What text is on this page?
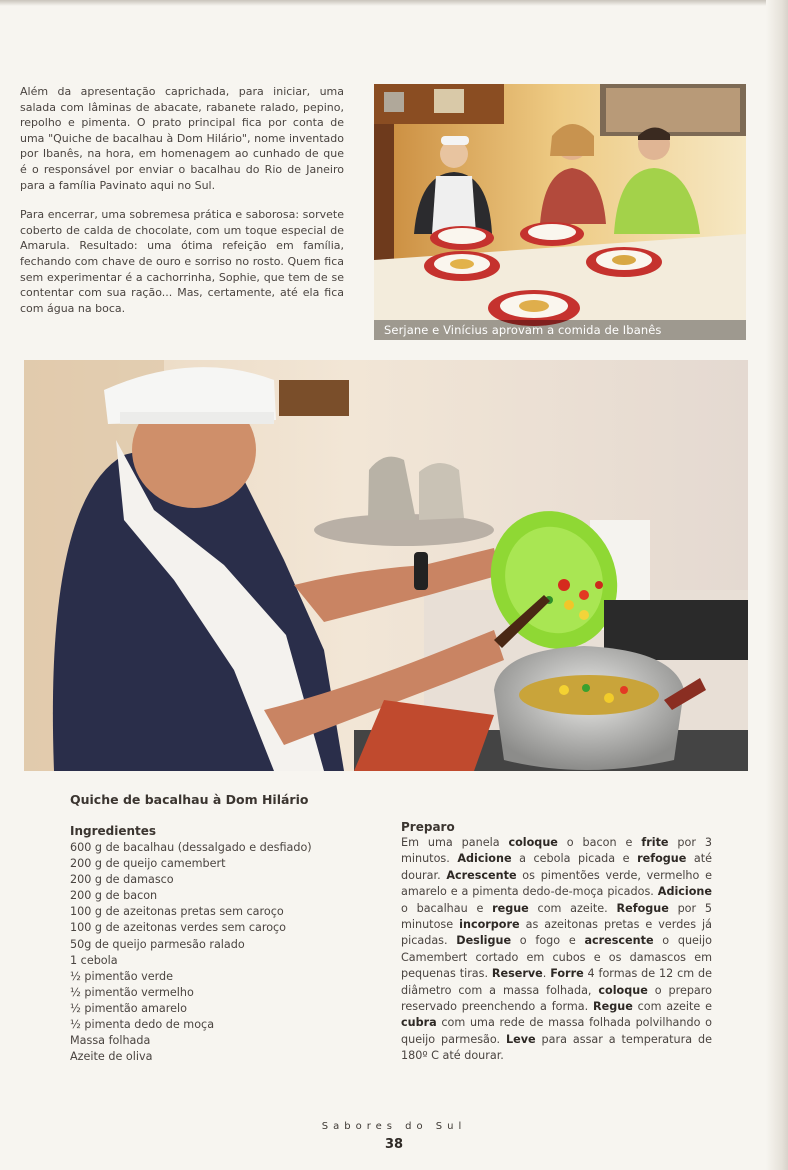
Além da apresentação caprichada, para iniciar, uma salada com lâminas de abacate, rabanete ralado, pepino, repolho e pimenta. O prato principal fica por conta de uma "Quiche de bacalhau à Dom Hilário", nome inventado por Ibanês, na hora, em homenagem ao cunhado de que é o responsável por enviar o bacalhau do Rio de Janeiro para a família Pavinato aqui no Sul.

Para encerrar, uma sobremesa prática e saborosa: sorvete coberto de calda de chocolate, com um toque especial de Amarula. Resultado: uma ótima refeição em família, fechando com chave de ouro e sorriso no rosto. Quem fica sem experimentar é a cachorrinha, Sophie, que tem de se contentar com sua ração... Mas, certamente, até ela fica com água na boca.

Serjane e Vinícius aprovam a comida de Ibanês
Quiche de bacalhau à Dom Hilário
Ingredientes
600 g de bacalhau (dessalgado e desfiado)
200 g de queijo camembert
200 g de damasco
200 g de bacon
100 g de azeitonas pretas sem caroço
100 g de azeitonas verdes sem caroço
50g de queijo parmesão ralado
1 cebola
½ pimentão verde
½ pimentão vermelho
½ pimentão amarelo
½ pimenta dedo de moça
Massa folhada
Azeite de oliva
Preparo

Em uma panela coloque o bacon e frite por 3 minutos. Adicione a cebola picada e refogue até dourar. Acrescente os pimentões verde, vermelho e amarelo e a pimenta dedo-de-moça picados. Adicione o bacalhau e regue com azeite. Refogue por 5 minutose incorpore as azeitonas pretas e verdes já picadas. Desligue o fogo e acrescente o queijo Camembert cortado em cubos e os damascos em pequenas tiras. Reserve. Forre 4 formas de 12 cm de diâmetro com a massa folhada, coloque o preparo reservado preenchendo a forma. Regue com azeite e cubra com uma rede de massa folhada polvilhando o queijo parmesão. Leve para assar a temperatura de 180º C até dourar.

Sabores do Sul
38
